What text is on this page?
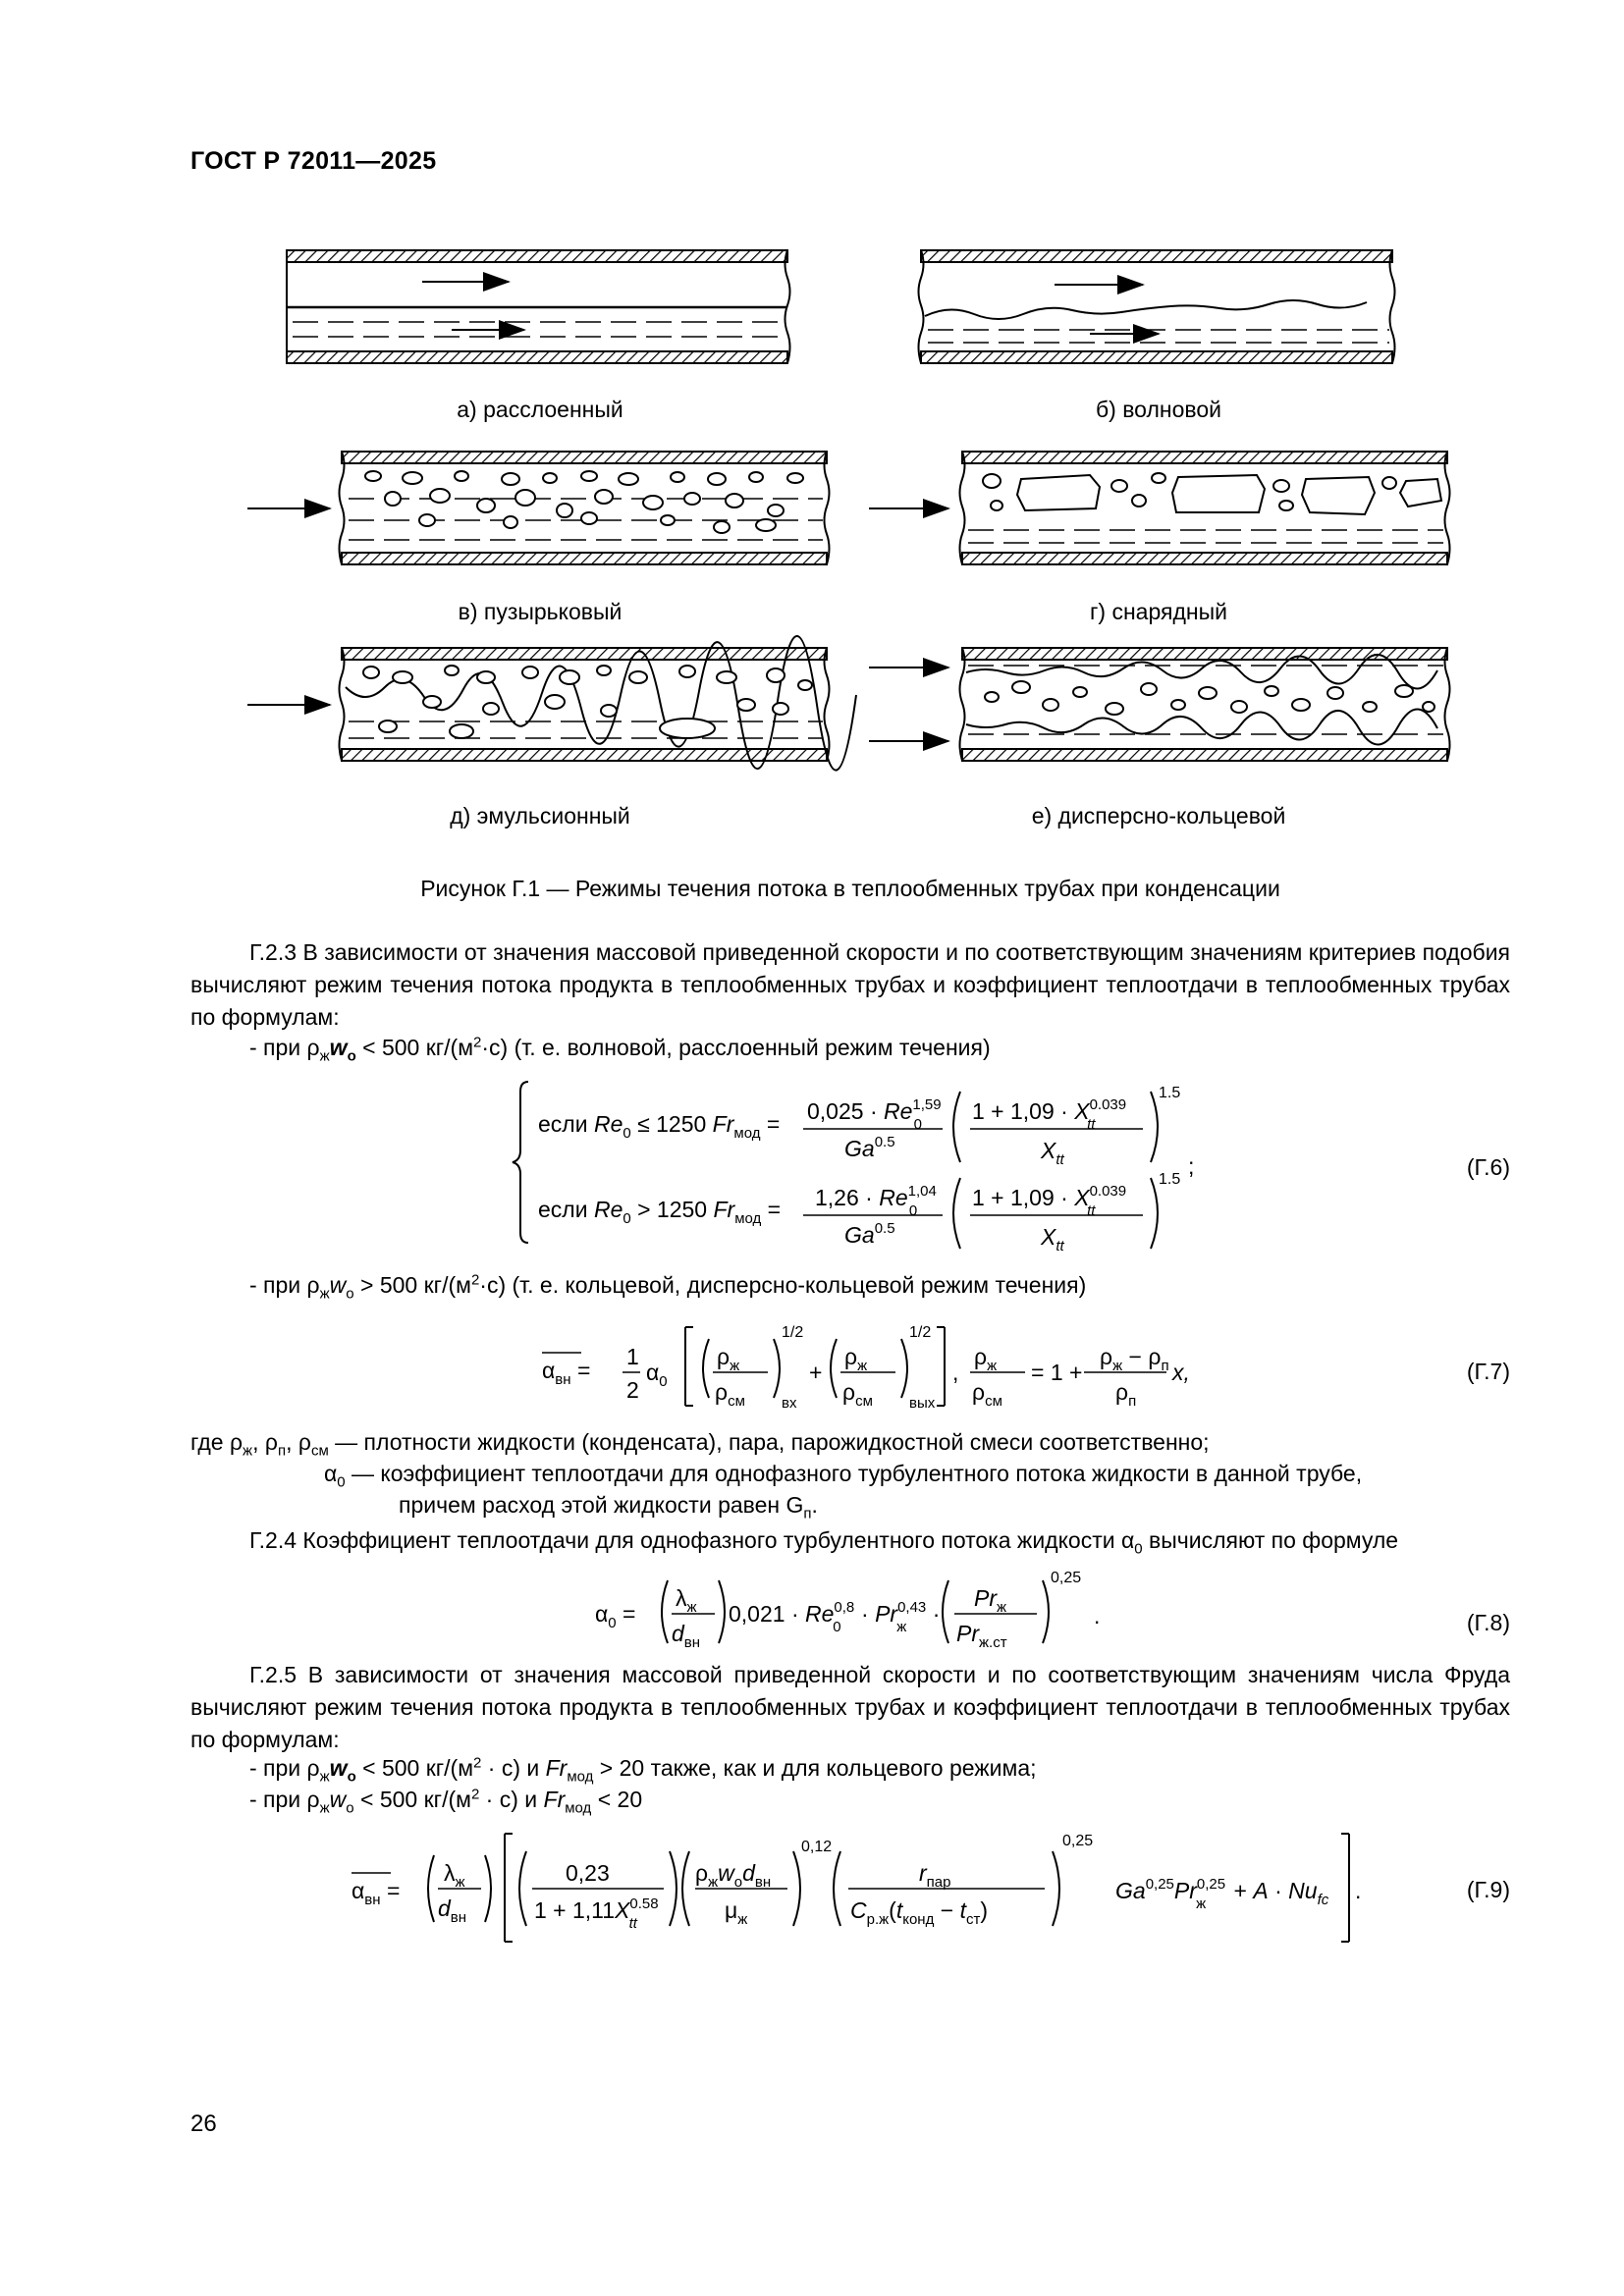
ГОСТ Р 72011—2025
а) расслоенный	б) волновой
в) пузырьковый	г) снарядный
д) эмульсионный	е) дисперсно-кольцевой
Рисунок Г.1 — Режимы течения потока в теплообменных трубах при конденсации
Г.2.3 В зависимости от значения массовой приведенной скорости и по соответствующим значениям критериев подобия вычисляют режим течения потока продукта в теплообменных трубах и коэффициент теплоотдачи в теплообменных трубах по формулам:
- при $\rho_жw_о < 500$ $кг/(м^2\cdot с)$ (т. е. волновой, расслоенный режим течения)
если $Re_0 \le 1250$ $Fr_{мод} = 0,025 \cdot Re^{1,59}$ 0
$Ga^{0.5}$
$1 + 1,09 \cdot X^{0.039}$ tt
$X_{tt}$
1.5
если $Re_0 > 1250$ $Fr_{мод} = 1,26 \cdot Re^{1,04}$ 0
$Ga^{0.5}$
$1 + 1,09 \cdot X^{0.039}$ tt
$X_{tt}$
1.5
;	(Г.6)
- при $\rho_жw_о > 500$ $кг/(м^2\cdot с)$ (т. е. кольцевой, дисперсно-кольцевой режим течения)
$\alpha_{вн}$ =
1
2
$\alpha_0$
$\rho_ж$
$\rho_{см}$
1/2
вх
+
$\rho_ж$
$\rho_{см}$
1/2
вых
,
$\rho_ж$
$\rho_{см}$
= 1 +
$\rho_ж - \rho_п$
$\rho_п$
x,	(Г.7)
где $\rho_ж$, $\rho_п$, $\rho_{см}$ — плотности жидкости (конденсата), пара, парожидкостной смеси соответственно;
$\alpha_0$ — коэффициент теплоотдачи для однофазного турбулентного потока жидкости в данной трубе,
причем расход этой жидкости равен $G_п$.
Г.2.4 Коэффициент теплоотдачи для однофазного турбулентного потока жидкости $\alpha_0$ вычисляют по формуле
$\alpha_0$ =
$\lambda_ж$
$d_{вн}$
0,021 · Re$^{0,8}$ 0 · Pr$^{0,43}$ ж ·
$Pr_ж$
$Pr_{ж.ст}$
0,25
.	(Г.8)
Г.2.5 В зависимости от значения массовой приведенной скорости и по соответствующим значениям числа Фруда вычисляют режим течения потока продукта в теплообменных трубах и коэффициент теплоотдачи в теплообменных трубах по формулам:
- при $\rho_жw_о < 500$ $кг/(м^2 \cdot с)$ и $Fr_{мод} > 20$ также, как и для кольцевого режима;
- при $\rho_жw_о < 500$ $кг/(м^2 \cdot с)$ и $Fr_{мод} < 20$
$\alpha_{вн}$ =
$\lambda_ж$
$d_{вн}$
0,23
$1 + 1,11X^{0.58}$ tt
$\rho_жw_оd_{вн}$
$\mu_ж$
0,12
$r_{пар}$
$C_{р.ж}(t_{конд} - t_{ст})$
0,25
Ga$^{0,25}$Pr$^{0,25}$ $ж + A \cdot Nu_{fc}$ .	(Г.9)
26
